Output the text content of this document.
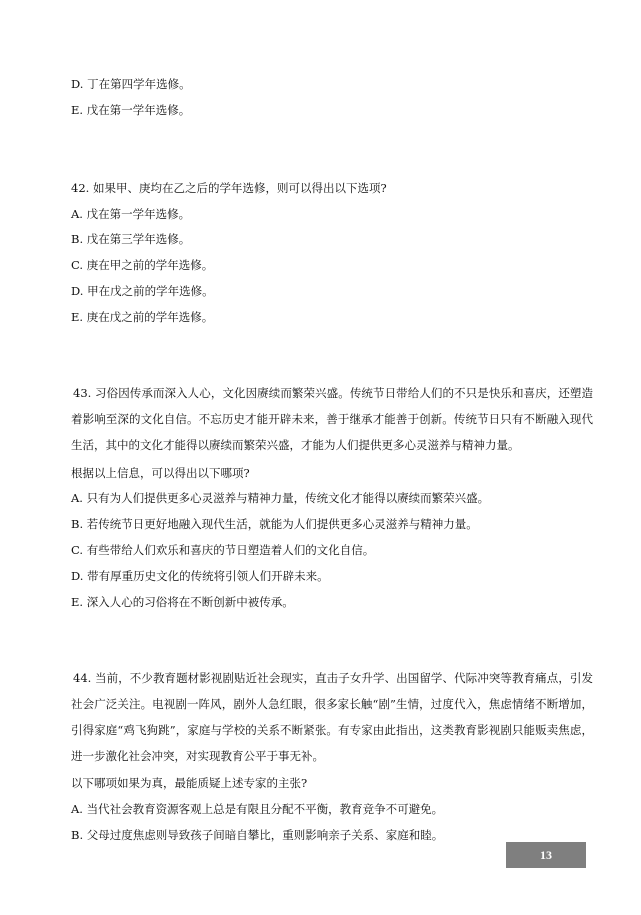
D. 丁在第四学年选修。
E. 戊在第一学年选修。
42. 如果甲、庚均在乙之后的学年选修，则可以得出以下选项?
A. 戊在第一学年选修。
B. 戊在第三学年选修。
C. 庚在甲之前的学年选修。
D. 甲在戊之前的学年选修。
E. 庚在戊之前的学年选修。
43. 习俗因传承而深入人心，文化因赓续而繁荣兴盛。传统节日带给人们的不只是快乐和喜庆，还塑造着影响至深的文化自信。不忘历史才能开辟未来，善于继承才能善于创新。传统节日只有不断融入现代生活，其中的文化才能得以赓续而繁荣兴盛，才能为人们提供更多心灵滋养与精神力量。
根据以上信息，可以得出以下哪项?
A. 只有为人们提供更多心灵滋养与精神力量，传统文化才能得以赓续而繁荣兴盛。
B. 若传统节日更好地融入现代生活，就能为人们提供更多心灵滋养与精神力量。
C. 有些带给人们欢乐和喜庆的节日塑造着人们的文化自信。
D. 带有厚重历史文化的传统将引领人们开辟未来。
E. 深入人心的习俗将在不断创新中被传承。
44. 当前，不少教育题材影视剧贴近社会现实，直击子女升学、出国留学、代际冲突等教育痛点，引发社会广泛关注。电视剧一阵风，剧外人急红眼，很多家长触“剧”生情，过度代入，焦虑情绪不断增加，引得家庭“鸡飞狗跳”，家庭与学校的关系不断紧张。有专家由此指出，这类教育影视剧只能贩卖焦虑，进一步激化社会冲突，对实现教育公平于事无补。
以下哪项如果为真，最能质疑上述专家的主张?
A. 当代社会教育资源客观上总是有限且分配不平衡，教育竞争不可避免。
B. 父母过度焦虑则导致孩子间暗自攀比，重则影响亲子关系、家庭和睦。
13
